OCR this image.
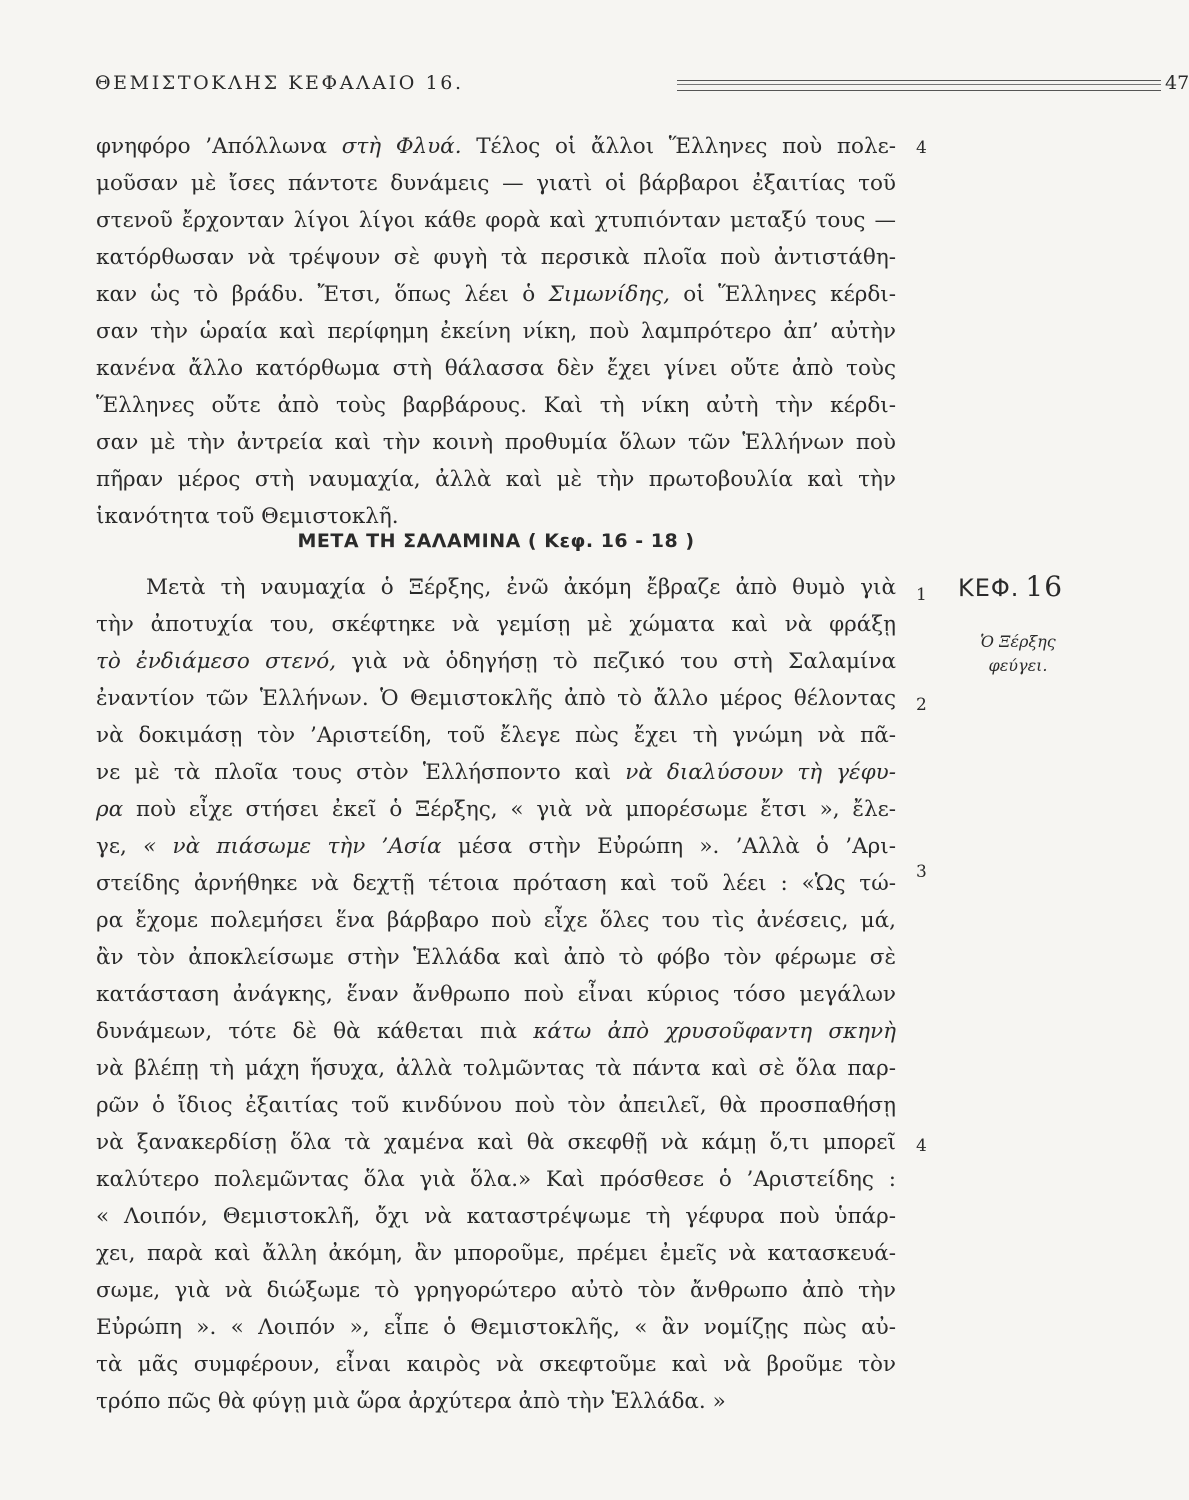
ΘΕΜΙΣΤΟΚΛΗΣ ΚΕΦΑΛΑΙΟ 16.	47
φνηφόρο ’Απόλλωνα στὴ Φλυά. Τέλος οἱ ἄλλοι Ἕλληνες ποὺ πολε-
μοῦσαν μὲ ἴσες πάντοτε δυνάμεις — γιατὶ οἱ βάρβαροι ἐξαιτίας τοῦ
στενοῦ ἔρχονταν λίγοι λίγοι κάθε φορὰ καὶ χτυπιόνταν μεταξύ τους —
κατόρθωσαν νὰ τρέψουν σὲ φυγὴ τὰ περσικὰ πλοῖα ποὺ ἀντιστάθη-
καν ὡς τὸ βράδυ. Ἔτσι, ὅπως λέει ὁ Σιμωνίδης, οἱ Ἕλληνες κέρδι-
σαν τὴν ὡραία καὶ περίφημη ἐκείνη νίκη, ποὺ λαμπρότερο ἀπ’ αὐτὴν
κανένα ἄλλο κατόρθωμα στὴ θάλασσα δὲν ἔχει γίνει οὔτε ἀπὸ τοὺς
Ἕλληνες οὔτε ἀπὸ τοὺς βαρβάρους. Καὶ τὴ νίκη αὐτὴ τὴν κέρδι-
σαν μὲ τὴν ἀντρεία καὶ τὴν κοινὴ προθυμία ὅλων τῶν Ἑλλήνων ποὺ
πῆραν μέρος στὴ ναυμαχία, ἀλλὰ καὶ μὲ τὴν πρωτοβουλία καὶ τὴν
ἱκανότητα τοῦ Θεμιστοκλῆ.
ΜΕΤΑ ΤΗ ΣΑΛΑΜΙΝΑ ( Κεφ. 16 - 18 )
Μετὰ τὴ ναυμαχία ὁ Ξέρξης, ἐνῶ ἀκόμη ἔβραζε ἀπὸ θυμὸ γιὰ
τὴν ἀποτυχία του, σκέφτηκε νὰ γεμίσῃ μὲ χώματα καὶ νὰ φράξῃ
τὸ ἐνδιάμεσο στενό, γιὰ νὰ ὁδηγήσῃ τὸ πεζικό του στὴ Σαλαμίνα
ἐναντίον τῶν Ἑλλήνων. Ὁ Θεμιστοκλῆς ἀπὸ τὸ ἄλλο μέρος θέλοντας
νὰ δοκιμάσῃ τὸν ’Αριστείδη, τοῦ ἔλεγε πὼς ἔχει τὴ γνώμη νὰ πᾶ-
νε μὲ τὰ πλοῖα τους στὸν Ἑλλήσποντο καὶ νὰ διαλύσουν τὴ γέφυ-
ρα ποὺ εἶχε στήσει ἐκεῖ ὁ Ξέρξης, « γιὰ νὰ μπορέσωμε ἔτσι », ἔλε-
γε, « νὰ πιάσωμε τὴν ’Ασία μέσα στὴν Εὐρώπη ». ’Αλλὰ ὁ ’Αρι-
στείδης ἀρνήθηκε νὰ δεχτῇ τέτοια πρόταση καὶ τοῦ λέει : «Ὡς τώ-
ρα ἔχομε πολεμήσει ἕνα βάρβαρο ποὺ εἶχε ὅλες του τὶς ἀνέσεις, μά,
ἂν τὸν ἀποκλείσωμε στὴν Ἑλλάδα καὶ ἀπὸ τὸ φόβο τὸν φέρωμε σὲ
κατάσταση ἀνάγκης, ἕναν ἄνθρωπο ποὺ εἶναι κύριος τόσο μεγάλων
δυνάμεων, τότε δὲ θὰ κάθεται πιὰ κάτω ἀπὸ χρυσοῦφαντη σκηνὴ
νὰ βλέπῃ τὴ μάχη ἥσυχα, ἀλλὰ τολμῶντας τὰ πάντα καὶ σὲ ὅλα παρ-
ρῶν ὁ ἴδιος ἐξαιτίας τοῦ κινδύνου ποὺ τὸν ἀπειλεῖ, θὰ προσπαθήσῃ
νὰ ξανακερδίσῃ ὅλα τὰ χαμένα καὶ θὰ σκεφθῇ νὰ κάμῃ ὅ,τι μπορεῖ
καλύτερο πολεμῶντας ὅλα γιὰ ὅλα.» Καὶ πρόσθεσε ὁ ’Αριστείδης :
« Λοιπόν, Θεμιστοκλῆ, ὄχι νὰ καταστρέψωμε τὴ γέφυρα ποὺ ὑπάρ-
χει, παρὰ καὶ ἄλλη ἀκόμη, ἂν μποροῦμε, πρέμει ἐμεῖς νὰ κατασκευά-
σωμε, γιὰ νὰ διώξωμε τὸ γρηγορώτερο αὐτὸ τὸν ἄνθρωπο ἀπὸ τὴν
Εὐρώπη ». « Λοιπόν », εἶπε ὁ Θεμιστοκλῆς, « ἂν νομίζῃς πὼς αὐ-
τὰ μᾶς συμφέρουν, εἶναι καιρὸς νὰ σκεφτοῦμε καὶ νὰ βροῦμε τὸν
τρόπο πῶς θὰ φύγῃ μιὰ ὥρα ἀρχύτερα ἀπὸ τὴν Ἑλλάδα. »
4
1
2
3
4
ΚΕΦ. 16
Ὁ Ξέρξης φεύγει.
